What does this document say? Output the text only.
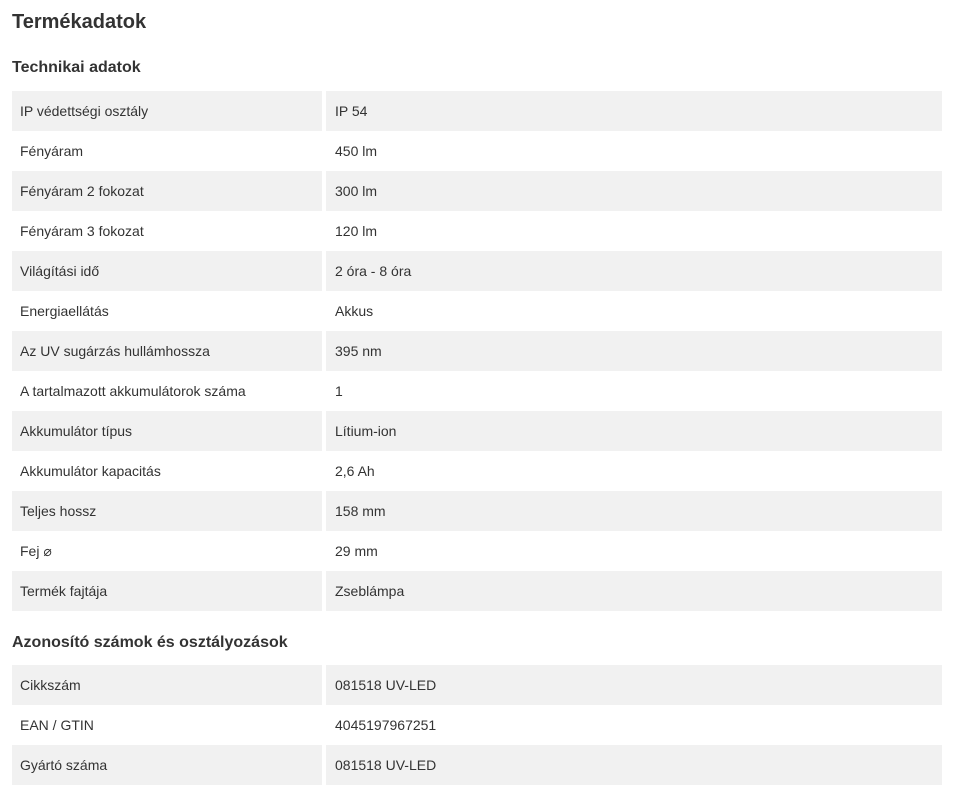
Termékadatok
Technikai adatok
IP védettségi osztály		IP 54
Fényáram		450 lm
Fényáram 2 fokozat		300 lm
Fényáram 3 fokozat		120 lm
Világítási idő		2 óra - 8 óra
Energiaellátás		Akkus
Az UV sugárzás hullámhossza		395 nm
A tartalmazott akkumulátorok száma		1
Akkumulátor típus		Lítium-ion
Akkumulátor kapacitás		2,6 Ah
Teljes hossz		158 mm
Fej ⌀		29 mm
Termék fajtája		Zseblámpa
Azonosító számok és osztályozások
Cikkszám		081518 UV-LED
EAN / GTIN		4045197967251
Gyártó száma		081518 UV-LED
